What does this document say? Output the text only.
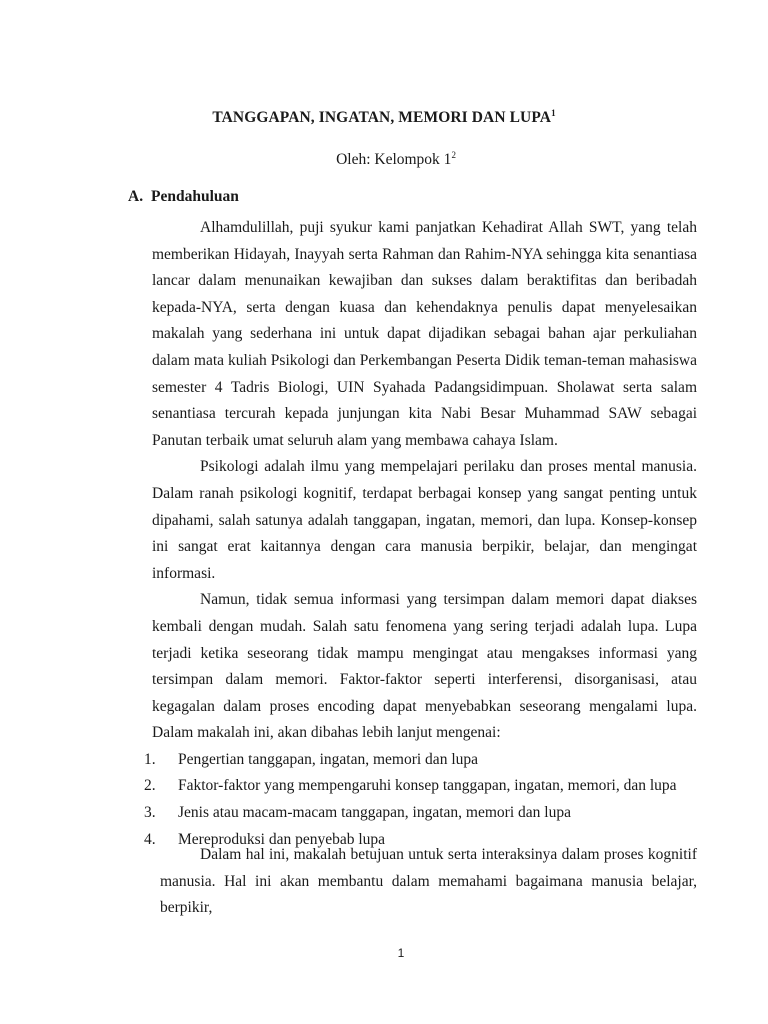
TANGGAPAN, INGATAN, MEMORI DAN LUPA$^1$
Oleh: Kelompok $1^2$
A. Pendahuluan

Alhamdulillah, puji syukur kami panjatkan Kehadirat Allah SWT, yang telah memberikan Hidayah, Inayyah serta Rahman dan Rahim-NYA sehingga kita senantiasa lancar dalam menunaikan kewajiban dan sukses dalam beraktifitas dan beribadah kepada-NYA, serta dengan kuasa dan kehendaknya penulis dapat menyelesaikan makalah yang sederhana ini untuk dapat dijadikan sebagai bahan ajar perkuliahan dalam mata kuliah Psikologi dan Perkembangan Peserta Didik teman-teman mahasiswa semester 4 Tadris Biologi, UIN Syahada Padangsidimpuan. Sholawat serta salam senantiasa tercurah kepada junjungan kita Nabi Besar Muhammad SAW sebagai Panutan terbaik umat seluruh alam yang membawa cahaya Islam.

Psikologi adalah ilmu yang mempelajari perilaku dan proses mental manusia. Dalam ranah psikologi kognitif, terdapat berbagai konsep yang sangat penting untuk dipahami, salah satunya adalah tanggapan, ingatan, memori, dan lupa. Konsep-konsep ini sangat erat kaitannya dengan cara manusia berpikir, belajar, dan mengingat informasi.

Namun, tidak semua informasi yang tersimpan dalam memori dapat diakses kembali dengan mudah. Salah satu fenomena yang sering terjadi adalah lupa. Lupa terjadi ketika seseorang tidak mampu mengingat atau mengakses informasi yang tersimpan dalam memori. Faktor-faktor seperti interferensi, disorganisasi, atau kegagalan dalam proses encoding dapat menyebabkan seseorang mengalami lupa. Dalam makalah ini, akan dibahas lebih lanjut mengenai:

1. Pengertian tanggapan, ingatan, memori dan lupa
2. Faktor-faktor yang mempengaruhi konsep tanggapan, ingatan, memori, dan lupa
3. Jenis atau macam-macam tanggapan, ingatan, memori dan lupa
4. Mereproduksi dan penyebab lupa

Dalam hal ini, makalah betujuan untuk serta interaksinya dalam proses kognitif manusia. Hal ini akan membantu dalam memahami bagaimana manusia belajar, berpikir,

1
